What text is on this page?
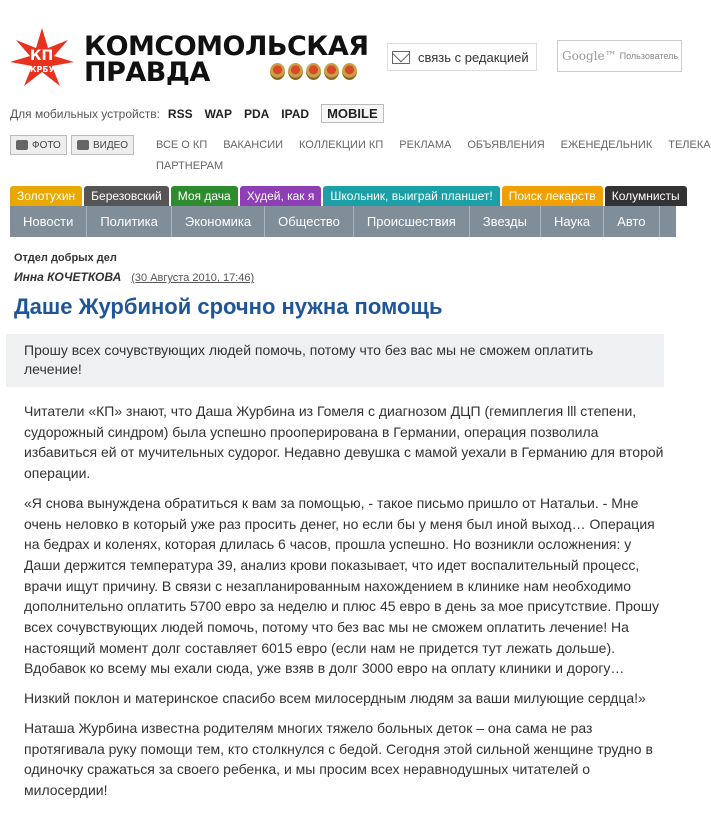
КП
КРБУ
КОМСОМОЛЬСКАЯ
ПРАВДА	связь с редакцией	Google™ Пользователь
Для мобильных устройств: RSS WAP PDA IPAD	MOBILE
ФОТО	ВИДЕО	ВСЕ О КП ВАКАНСИИ КОЛЛЕКЦИИ КП РЕКЛАМА ОБЪЯВЛЕНИЯ ЕЖЕНЕДЕЛЬНИК ТЕЛЕКА
ПАРТНЕРАМ
Золотухин	Березовский	Моя дача	Худей, как я	Школьник, выиграй планшет!	Поиск лекарств	Колумнисты
Новости	Политика	Экономика	Общество	Происшествия	Звезды	Наука	Авто
Отдел добрых дел
Инна КОЧЕТКОВА (30 Августа 2010, 17:46)
Даше Журбиной срочно нужна помощь
Прошу всех сочувствующих людей помочь, потому что без вас мы не сможем оплатить лечение!

Читатели «КП» знают, что Даша Журбина из Гомеля с диагнозом ДЦП (гемиплегия lll степени, судорожный синдром) была успешно прооперирована в Германии, операция позволила избавиться ей от мучительных судорог. Недавно девушка с мамой уехали в Германию для второй операции.

«Я снова вынуждена обратиться к вам за помощью, - такое письмо пришло от Натальи. - Мне очень неловко в который уже раз просить денег, но если бы у меня был иной выход… Операция на бедрах и коленях, которая длилась 6 часов, прошла успешно. Но возникли осложнения: у Даши держится температура 39, анализ крови показывает, что идет воспалительный процесс, врачи ищут причину. В связи с незапланированным нахождением в клинике нам необходимо дополнительно оплатить 5700 евро за неделю и плюс 45 евро в день за мое присутствие. Прошу всех сочувствующих людей помочь, потому что без вас мы не сможем оплатить лечение! На настоящий момент долг составляет 6015 евро (если нам не придется тут лежать дольше). Вдобавок ко всему мы ехали сюда, уже взяв в долг 3000 евро на оплату клиники и дорогу…

Низкий поклон и материнское спасибо всем милосердным людям за ваши милующие сердца!»

Наташа Журбина известна родителям многих тяжело больных деток – она сама не раз протягивала руку помощи тем, кто столкнулся с бедой. Сегодня этой сильной женщине трудно в одиночку сражаться за своего ребенка, и мы просим всех неравнодушных читателей о милосердии!
